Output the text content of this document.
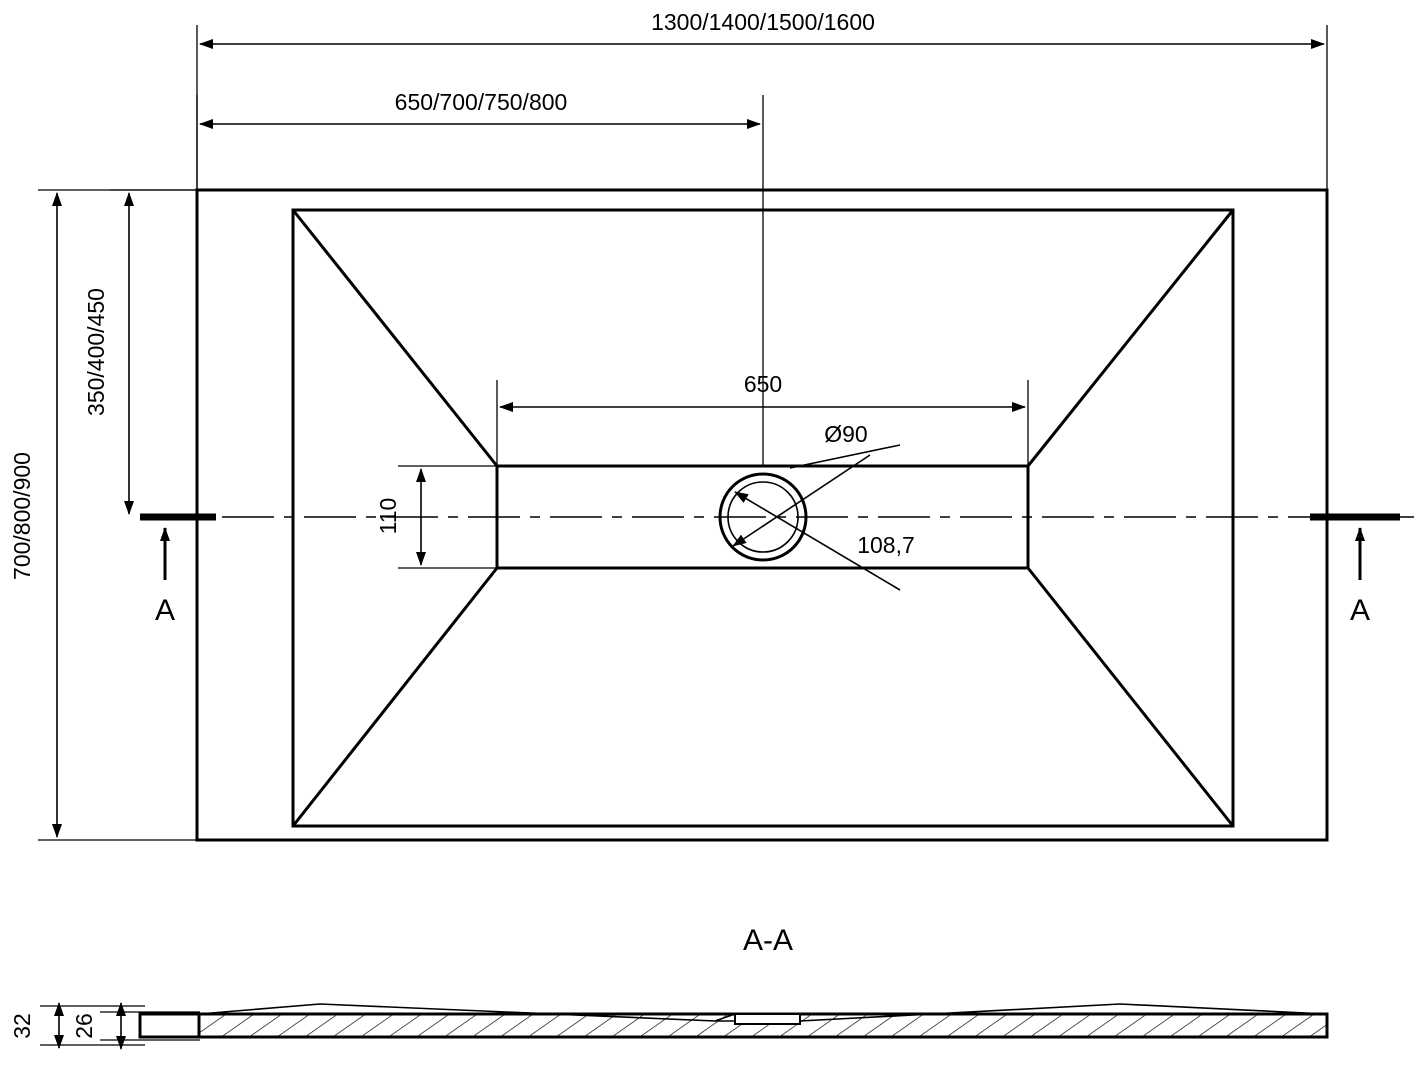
1300/1400/1500/1600
650/700/750/800
700/800/900
350/400/450	650
110
Ø90
108,7
A	A
A-A
32 26
